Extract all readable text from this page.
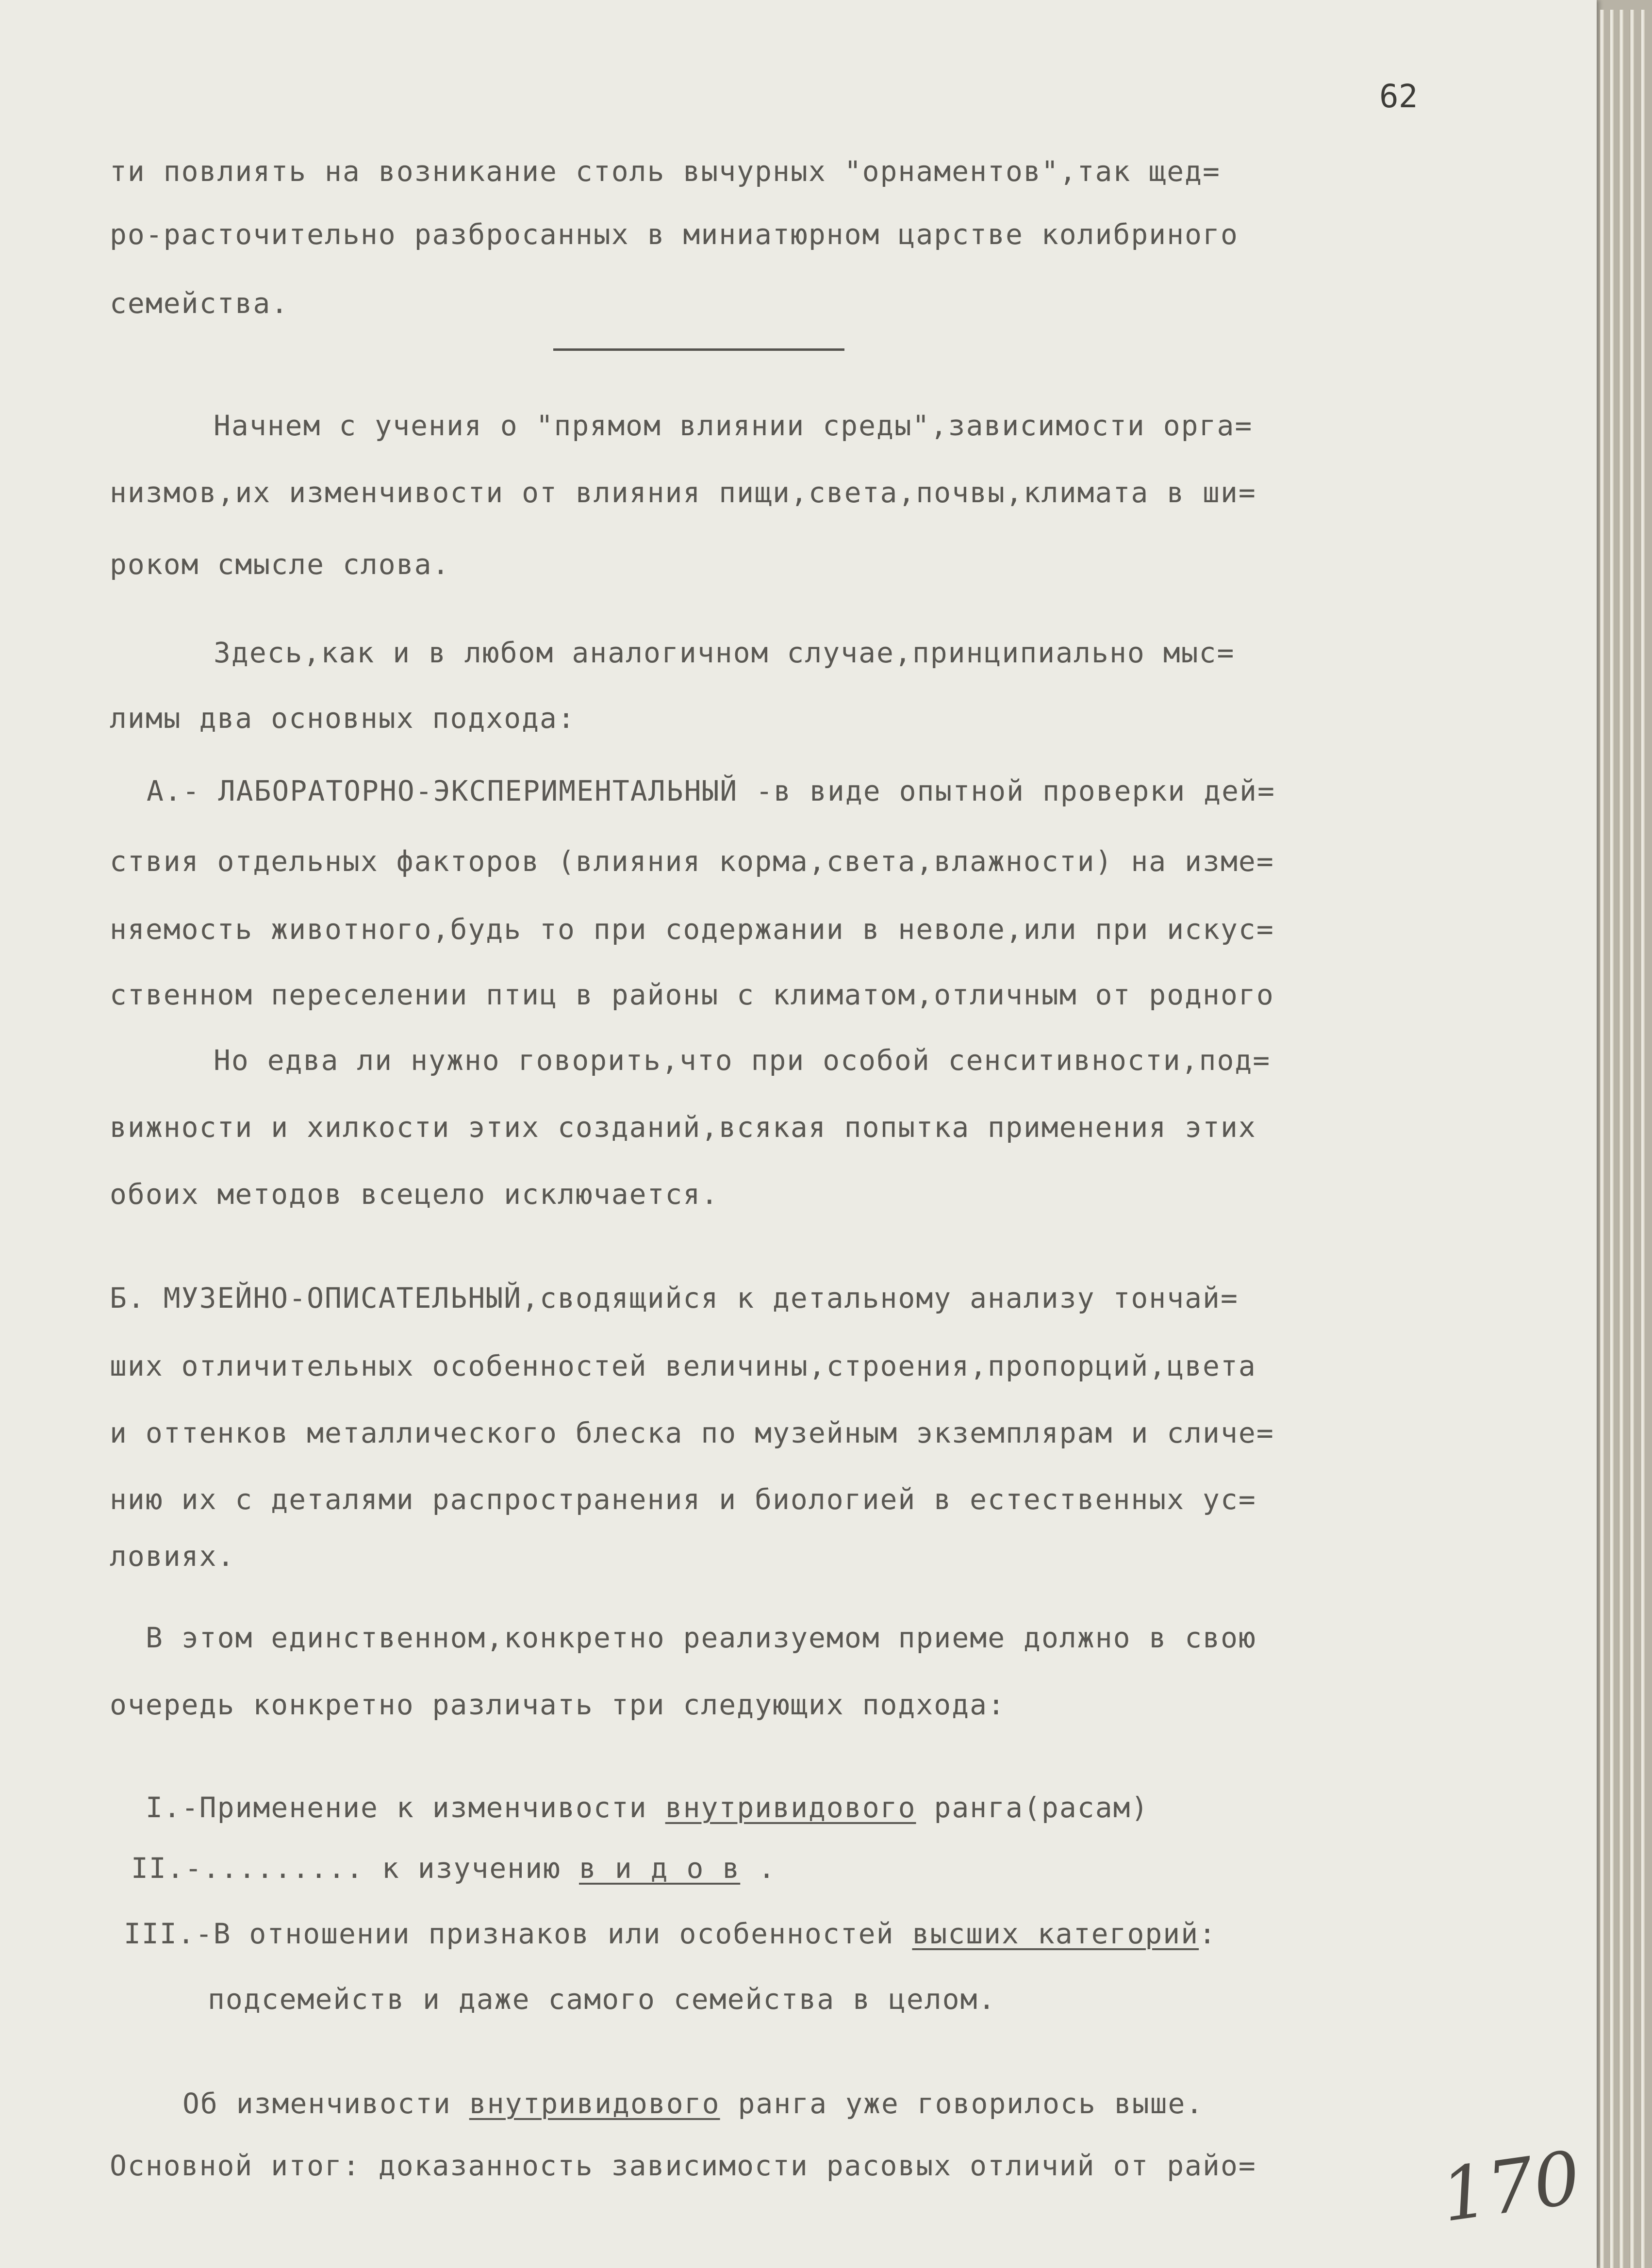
62

ти повлиять на возникание столь вычурных "орнаментов",так щед=

ро-расточительно разбросанных в миниатюрном царстве колибриного

семейства.

Начнем с учения о "прямом влиянии среды",зависимости орга=

низмов,их изменчивости от влияния пищи,света,почвы,климата в ши=

роком смысле слова.

Здесь,как и в любом аналогичном случае,принципиально мыс=

лимы два основных подхода:

А.- ЛАБОРАТОРНО-ЭКСПЕРИМЕНТАЛЬНЫЙ -в виде опытной проверки дей=

ствия отдельных факторов (влияния корма,света,влажности) на изме=

няемость животного,будь то при содержании в неволе,или при искус=

ственном переселении птиц в районы с климатом,отличным от родного

Но едва ли нужно говорить,что при особой сенситивности,под=

вижности и хилкости этих созданий,всякая попытка применения этих

обоих методов всецело исключается.

Б. МУЗЕЙНО-ОПИСАТЕЛЬНЫЙ,сводящийся к детальному анализу тончай=

ших отличительных особенностей величины,строения,пропорций,цвета

и оттенков металлического блеска по музейным экземплярам и сличе=

нию их с деталями распространения и биологией в естественных ус=

ловиях.

В этом единственном,конкретно реализуемом приеме должно в свою

очередь конкретно различать три следующих подхода:

I.-Применение к изменчивости внутривидового ранга(расам)

II.-......... к изучению в и д о в .

III.-В отношении признаков или особенностей высших категорий:

подсемейств и даже самого семейства в целом.

Об изменчивости внутривидового ранга уже говорилось выше.

Основной итог: доказанность зависимости расовых отличий от райо= 170
